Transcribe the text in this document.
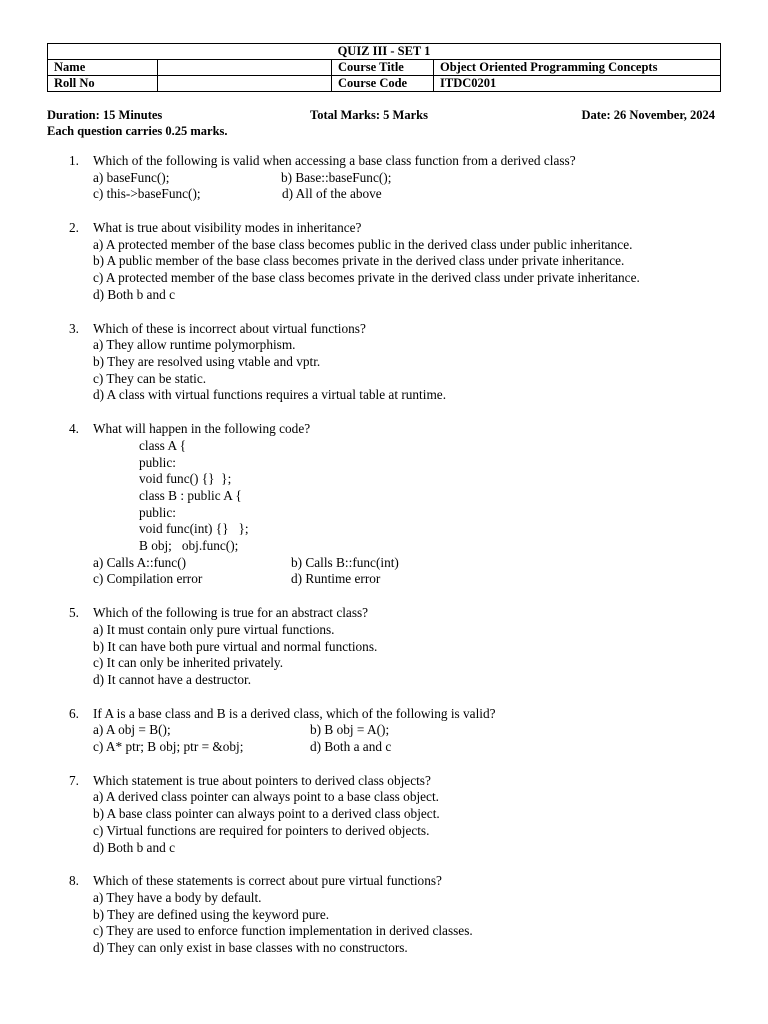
QUIZ III - SET 1			
Name		Course Title	Object Oriented Programming Concepts
Roll No		Course Code	ITDC0201
Duration: 15 Minutes	Total Marks: 5 Marks	Date: 26 November, 2024
Each question carries 0.25 marks.
1. Which of the following is valid when accessing a base class function from a derived class?
a) baseFunc();	b) Base::baseFunc();
c) this->baseFunc();	d) All of the above
2. What is true about visibility modes in inheritance?
a) A protected member of the base class becomes public in the derived class under public inheritance.
b) A public member of the base class becomes private in the derived class under private inheritance.
c) A protected member of the base class becomes private in the derived class under private inheritance.
d) Both b and c
3. Which of these is incorrect about virtual functions?
a) They allow runtime polymorphism.
b) They are resolved using vtable and vptr.
c) They can be static.
d) A class with virtual functions requires a virtual table at runtime.
4. What will happen in the following code?
class A {
public:
void func() {}  };
class B : public A {
public:
void func(int) {}   };
B obj;   obj.func();
a) Calls A::func()	b) Calls B::func(int)
c) Compilation error	d) Runtime error
5. Which of the following is true for an abstract class?
a) It must contain only pure virtual functions.
b) It can have both pure virtual and normal functions.
c) It can only be inherited privately.
d) It cannot have a destructor.
6. If A is a base class and B is a derived class, which of the following is valid?
a) A obj = B();	b) B obj = A();
c) A* ptr; B obj; ptr = &obj;	d) Both a and c
7. Which statement is true about pointers to derived class objects?
a) A derived class pointer can always point to a base class object.
b) A base class pointer can always point to a derived class object.
c) Virtual functions are required for pointers to derived objects.
d) Both b and c
8. Which of these statements is correct about pure virtual functions?
a) They have a body by default.
b) They are defined using the keyword pure.
c) They are used to enforce function implementation in derived classes.
d) They can only exist in base classes with no constructors.
